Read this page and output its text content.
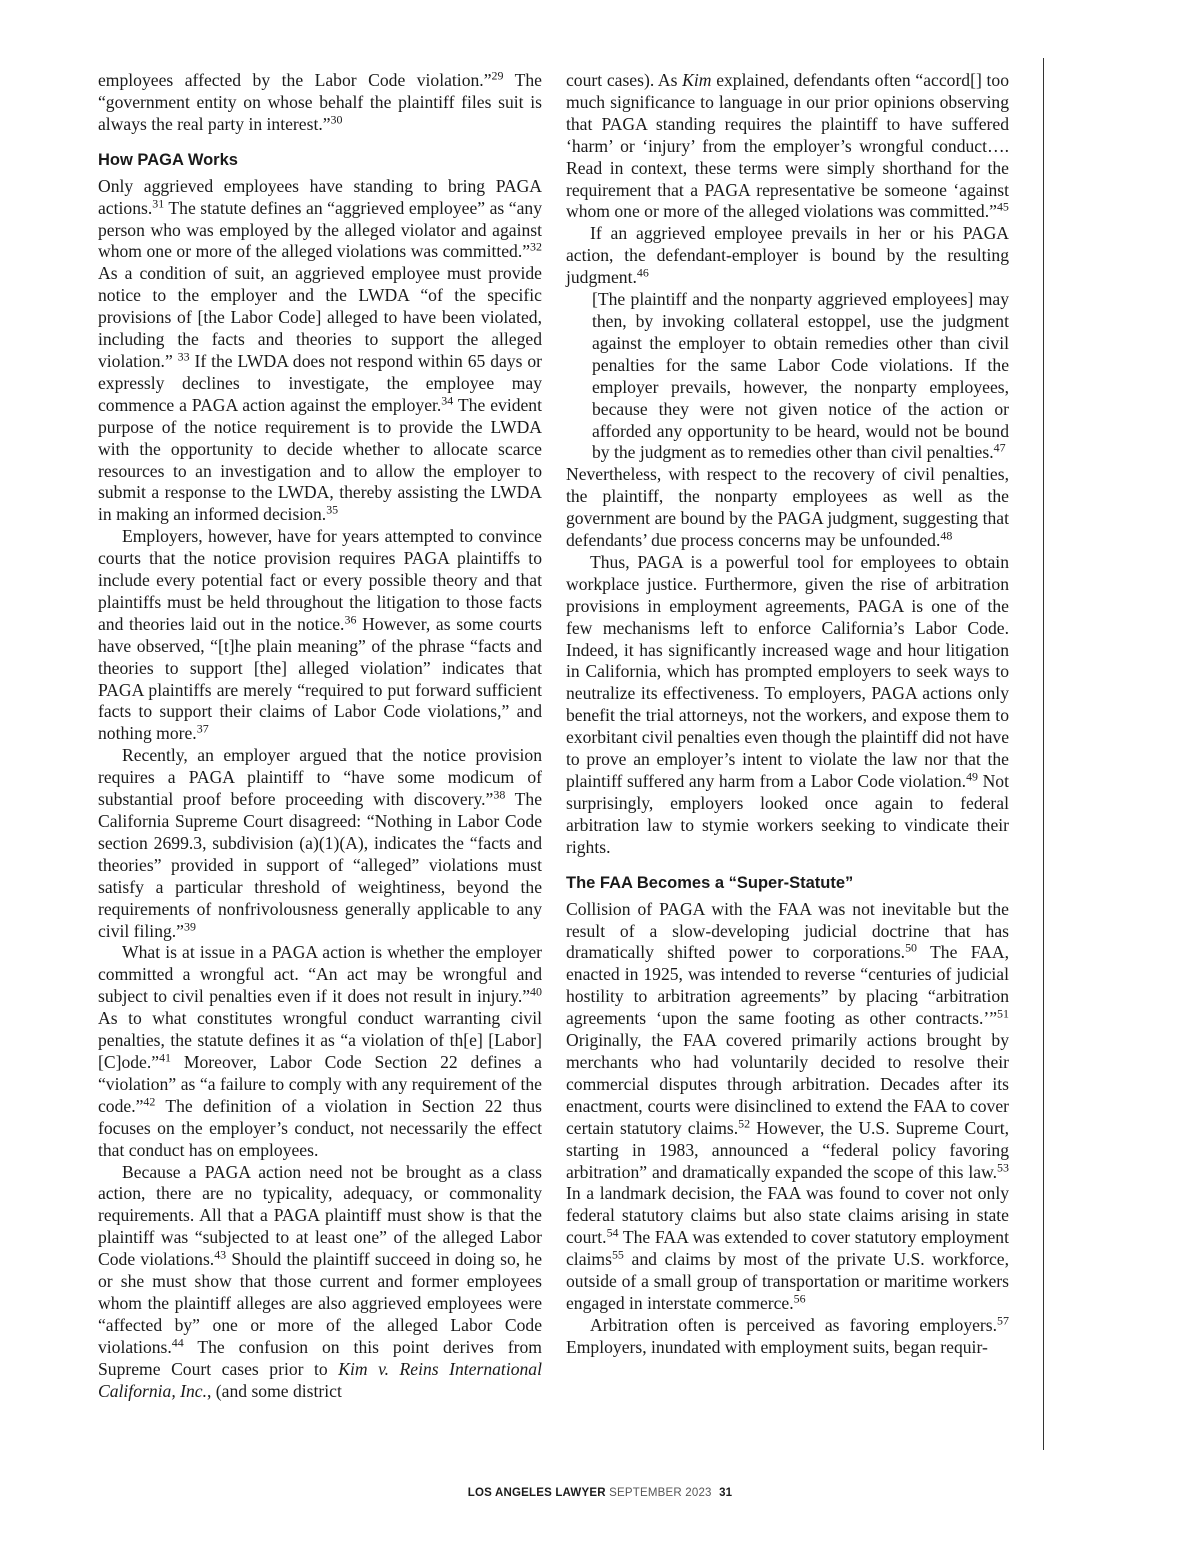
employees affected by the Labor Code violation.”$^{29}$ The “government entity on whose behalf the plaintiff files suit is always the real party in interest.”$^{30}$

How PAGA Works

Only aggrieved employees have standing to bring PAGA actions.$^{31}$ The statute defines an “aggrieved employee” as “any person who was employed by the alleged violator and against whom one or more of the alleged violations was committed.”$^{32}$ As a condition of suit, an aggrieved employee must provide notice to the employer and the LWDA “of the specific provisions of [the Labor Code] alleged to have been violated, including the facts and theories to support the alleged violation.” $^{33}$ If the LWDA does not respond within 65 days or expressly declines to investigate, the employee may commence a PAGA action against the employer.$^{34}$ The evident purpose of the notice requirement is to provide the LWDA with the opportunity to decide whether to allocate scarce resources to an investigation and to allow the employer to submit a response to the LWDA, thereby assisting the LWDA in making an informed decision.$^{35}$

Employers, however, have for years attempted to convince courts that the notice provision requires PAGA plaintiffs to include every potential fact or every possible theory and that plaintiffs must be held throughout the litigation to those facts and theories laid out in the notice.$^{36}$ However, as some courts have observed, “[t]he plain meaning” of the phrase “facts and theories to support [the] alleged violation” indicates that PAGA plaintiffs are merely “required to put forward sufficient facts to support their claims of Labor Code violations,” and nothing more.$^{37}$

Recently, an employer argued that the notice provision requires a PAGA plaintiff to “have some modicum of substantial proof before proceeding with discovery.”$^{38}$ The California Supreme Court disagreed: “Nothing in Labor Code section 2699.3, subdivision (a)(1)(A), indicates the “facts and theories” provided in support of “alleged” violations must satisfy a particular threshold of weightiness, beyond the requirements of nonfrivolousness generally applicable to any civil filing.”$^{39}$

What is at issue in a PAGA action is whether the employer committed a wrongful act. “An act may be wrongful and subject to civil penalties even if it does not result in injury.”$^{40}$ As to what constitutes wrongful conduct warranting civil penalties, the statute defines it as “a violation of th[e] [Labor] [C]ode.”$^{41}$ Moreover, Labor Code Section 22 defines a “violation” as “a failure to comply with any requirement of the code.”$^{42}$ The definition of a violation in Section 22 thus focuses on the employer’s conduct, not necessarily the effect that conduct has on employees.

Because a PAGA action need not be brought as a class action, there are no typicality, adequacy, or commonality requirements. All that a PAGA plaintiff must show is that the plaintiff was “subjected to at least one” of the alleged Labor Code violations.$^{43}$ Should the plaintiff succeed in doing so, he or she must show that those current and former employees whom the plaintiff alleges are also aggrieved employees were “affected by” one or more of the alleged Labor Code violations.$^{44}$ The confusion on this point derives from Supreme Court cases prior to Kim v. Reins International California, Inc., (and some district

court cases). As Kim explained, defendants often “accord[] too much significance to language in our prior opinions observing that PAGA standing requires the plaintiff to have suffered ‘harm’ or ‘injury’ from the employer’s wrongful conduct…. Read in context, these terms were simply shorthand for the requirement that a PAGA representative be someone ‘against whom one or more of the alleged violations was committed.”$^{45}$

If an aggrieved employee prevails in her or his PAGA action, the defendant-employer is bound by the resulting judgment.$^{46}$

[The plaintiff and the nonparty aggrieved employees] may then, by invoking collateral estoppel, use the judgment against the employer to obtain remedies other than civil penalties for the same Labor Code violations. If the employer prevails, however, the nonparty employees, because they were not given notice of the action or afforded any opportunity to be heard, would not be bound by the judgment as to remedies other than civil penalties.$^{47}$

Nevertheless, with respect to the recovery of civil penalties, the plaintiff, the nonparty employees as well as the government are bound by the PAGA judgment, suggesting that defendants’ due process concerns may be unfounded.$^{48}$

Thus, PAGA is a powerful tool for employees to obtain workplace justice. Furthermore, given the rise of arbitration provisions in employment agreements, PAGA is one of the few mechanisms left to enforce California’s Labor Code. Indeed, it has significantly increased wage and hour litigation in California, which has prompted employers to seek ways to neutralize its effectiveness. To employers, PAGA actions only benefit the trial attorneys, not the workers, and expose them to exorbitant civil penalties even though the plaintiff did not have to prove an employer’s intent to violate the law nor that the plaintiff suffered any harm from a Labor Code violation.$^{49}$ Not surprisingly, employers looked once again to federal arbitration law to stymie workers seeking to vindicate their rights.

The FAA Becomes a “Super-Statute”

Collision of PAGA with the FAA was not inevitable but the result of a slow-developing judicial doctrine that has dramatically shifted power to corporations.$^{50}$ The FAA, enacted in 1925, was intended to reverse “centuries of judicial hostility to arbitration agreements” by placing “arbitration agreements ‘upon the same footing as other contracts.’”$^{51}$ Originally, the FAA covered primarily actions brought by merchants who had voluntarily decided to resolve their commercial disputes through arbitration. Decades after its enactment, courts were disinclined to extend the FAA to cover certain statutory claims.$^{52}$ However, the U.S. Supreme Court, starting in 1983, announced a “federal policy favoring arbitration” and dramatically expanded the scope of this law.$^{53}$ In a landmark decision, the FAA was found to cover not only federal statutory claims but also state claims arising in state court.$^{54}$ The FAA was extended to cover statutory employment claims$^{55}$ and claims by most of the private U.S. workforce, outside of a small group of transportation or maritime workers engaged in interstate commerce.$^{56}$

Arbitration often is perceived as favoring employers.$^{57}$ Employers, inundated with employment suits, began requir-

LOS ANGELES LAWYER SEPTEMBER 2023 31
